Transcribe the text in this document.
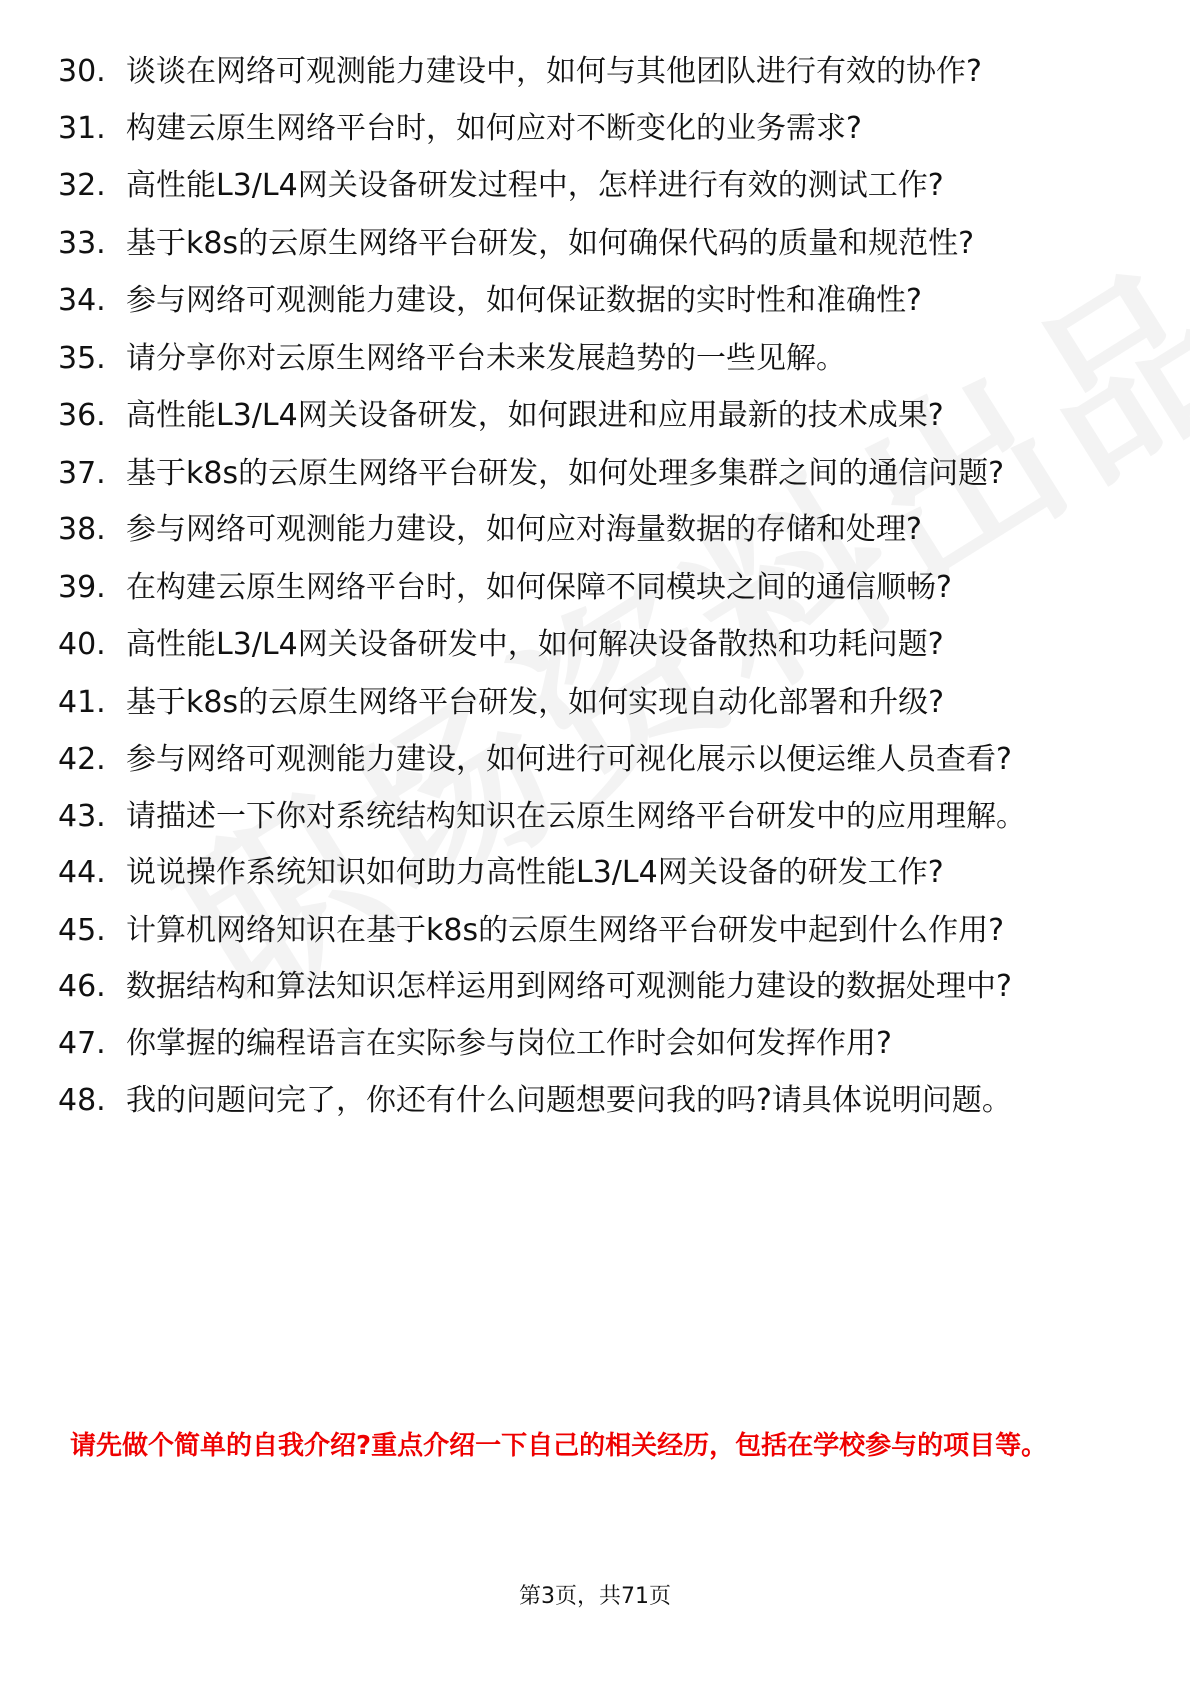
30. 谈谈在网络可观测能力建设中，如何与其他团队进行有效的协作?
31. 构建云原生网络平台时，如何应对不断变化的业务需求?
32. 高性能L3/L4网关设备研发过程中，怎样进行有效的测试工作?
33. 基于k8s的云原生网络平台研发，如何确保代码的质量和规范性?
34. 参与网络可观测能力建设，如何保证数据的实时性和准确性?
35. 请分享你对云原生网络平台未来发展趋势的一些见解。
36. 高性能L3/L4网关设备研发，如何跟进和应用最新的技术成果?
37. 基于k8s的云原生网络平台研发，如何处理多集群之间的通信问题?
38. 参与网络可观测能力建设，如何应对海量数据的存储和处理?
39. 在构建云原生网络平台时，如何保障不同模块之间的通信顺畅?
40. 高性能L3/L4网关设备研发中，如何解决设备散热和功耗问题?
41. 基于k8s的云原生网络平台研发，如何实现自动化部署和升级?
42. 参与网络可观测能力建设，如何进行可视化展示以便运维人员查看?
43. 请描述一下你对系统结构知识在云原生网络平台研发中的应用理解。
44. 说说操作系统知识如何助力高性能L3/L4网关设备的研发工作?
45. 计算机网络知识在基于k8s的云原生网络平台研发中起到什么作用?
46. 数据结构和算法知识怎样运用到网络可观测能力建设的数据处理中?
47. 你掌握的编程语言在实际参与岗位工作时会如何发挥作用?
48. 我的问题问完了，你还有什么问题想要问我的吗?请具体说明问题。

请先做个简单的自我介绍?重点介绍一下自己的相关经历，包括在学校参与的项目等。

第3页，共71页
